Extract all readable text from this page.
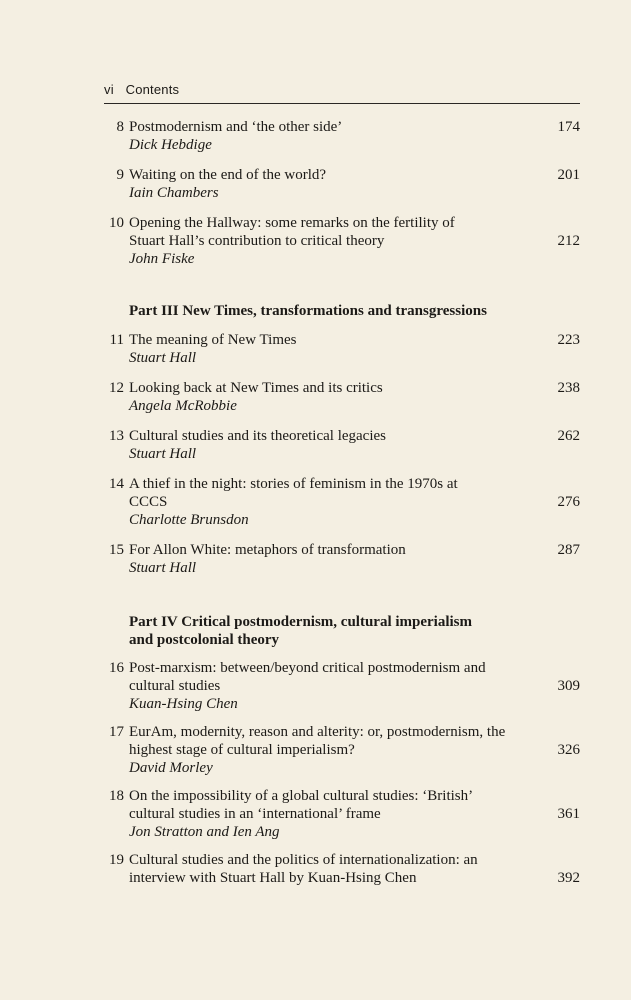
vi Contents
8 Postmodernism and ‘the other side’	174
Dick Hebdige
9 Waiting on the end of the world?	201
Iain Chambers
10 Opening the Hallway: some remarks on the fertility of
Stuart Hall’s contribution to critical theory	212
John Fiske
Part III New Times, transformations and transgressions
11 The meaning of New Times	223
Stuart Hall
12 Looking back at New Times and its critics	238
Angela McRobbie
13 Cultural studies and its theoretical legacies	262
Stuart Hall
14 A thief in the night: stories of feminism in the 1970s at
CCCS	276
Charlotte Brunsdon
15 For Allon White: metaphors of transformation	287
Stuart Hall
Part IV Critical postmodernism, cultural imperialism
and postcolonial theory
16 Post-marxism: between/beyond critical postmodernism and
cultural studies	309
Kuan-Hsing Chen
17 EurAm, modernity, reason and alterity: or, postmodernism, the
highest stage of cultural imperialism?	326
David Morley
18 On the impossibility of a global cultural studies: ‘British’
cultural studies in an ‘international’ frame	361
Jon Stratton and Ien Ang
19 Cultural studies and the politics of internationalization: an
interview with Stuart Hall by Kuan-Hsing Chen	392
